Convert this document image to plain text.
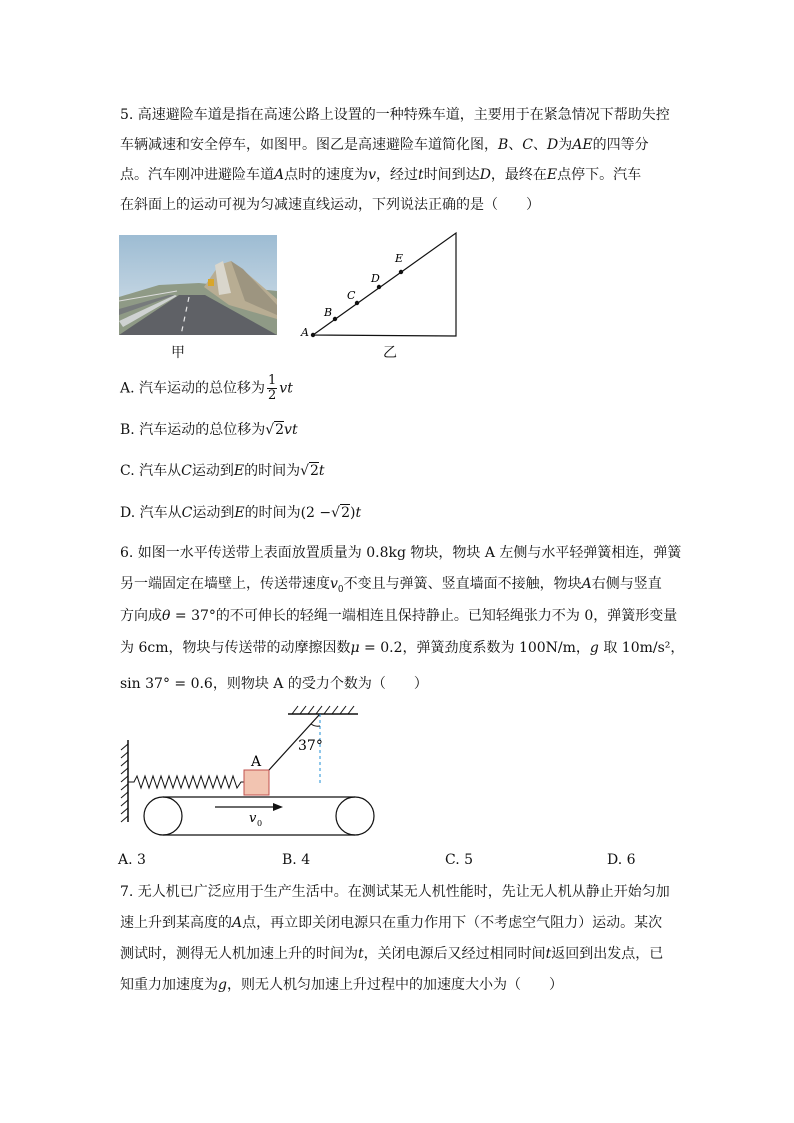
5. 高速避险车道是指在高速公路上设置的一种特殊车道，主要用于在紧急情况下帮助失控
车辆减速和安全停车，如图甲。图乙是高速避险车道简化图，B、C、D为AE的四等分
点。汽车刚冲进避险车道A点时的速度为v，经过t时间到达D，最终在E点停下。汽车
在斜面上的运动可视为匀减速直线运动，下列说法正确的是（　　）
甲
A
B
C
D
E
乙
A. 汽车运动的总位移为 $\frac{1}{2}$ vt
B. 汽车运动的总位移为√2vt
C. 汽车从C运动到E的时间为√2t
D. 汽车从C运动到E的时间为(2 −√2)t
6. 如图一水平传送带上表面放置质量为 0.8kg 物块，物块 A 左侧与水平轻弹簧相连，弹簧
另一端固定在墙壁上，传送带速度$v_0$不变且与弹簧、竖直墙面不接触，物块A右侧与竖直
方向成θ = 37°的不可伸长的轻绳一端相连且保持静止。已知轻绳张力不为 0，弹簧形变量
为 6cm，物块与传送带的动摩擦因数μ = 0.2，弹簧劲度系数为 100N/m，g 取 10m/s²，
sin 37° = 0.6，则物块 A 的受力个数为（　　）
A
37°
v 0
A. 3	B. 4	C. 5	D. 6
7. 无人机已广泛应用于生产生活中。在测试某无人机性能时，先让无人机从静止开始匀加
速上升到某高度的A点，再立即关闭电源只在重力作用下（不考虑空气阻力）运动。某次
测试时，测得无人机加速上升的时间为t，关闭电源后又经过相同时间t返回到出发点，已
知重力加速度为g，则无人机匀加速上升过程中的加速度大小为（　　）
